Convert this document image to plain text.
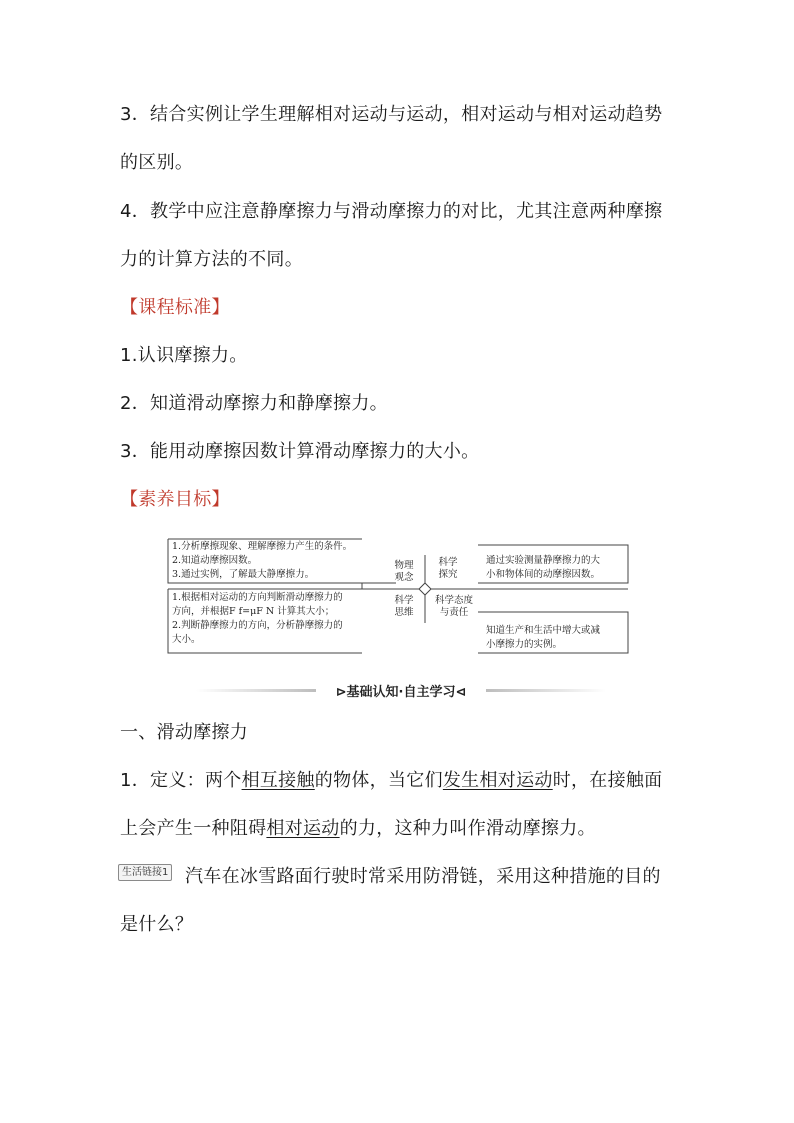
3．结合实例让学生理解相对运动与运动，相对运动与相对运动趋势
的区别。
4．教学中应注意静摩擦力与滑动摩擦力的对比，尤其注意两种摩擦
力的计算方法的不同。
【课程标准】
1.认识摩擦力。
2．知道滑动摩擦力和静摩擦力。
3．能用动摩擦因数计算滑动摩擦力的大小。
【素养目标】
1.分析摩擦现象、理解摩擦力产生的条件。
2.知道动摩擦因数。
3.通过实例，了解最大静摩擦力。
1.根据相对运动的方向判断滑动摩擦力的
方向，并根据F f=μF N 计算其大小；
2.判断静摩擦力的方向，分析静摩擦力的
大小。
通过实验测量静摩擦力的大
小和物体间的动摩擦因数。
知道生产和生活中增大或减
小摩擦力的实例。
物理
观念
科学
探究
科学
思维
科学态度
与责任
⊳基础认知·自主学习⊲
一、滑动摩擦力
1．定义：两个相互接触的物体，当它们发生相对运动时，在接触面
上会产生一种阻碍相对运动的力，这种力叫作滑动摩擦力。
生活链接1 汽车在冰雪路面行驶时常采用防滑链，采用这种措施的目的
是什么？
